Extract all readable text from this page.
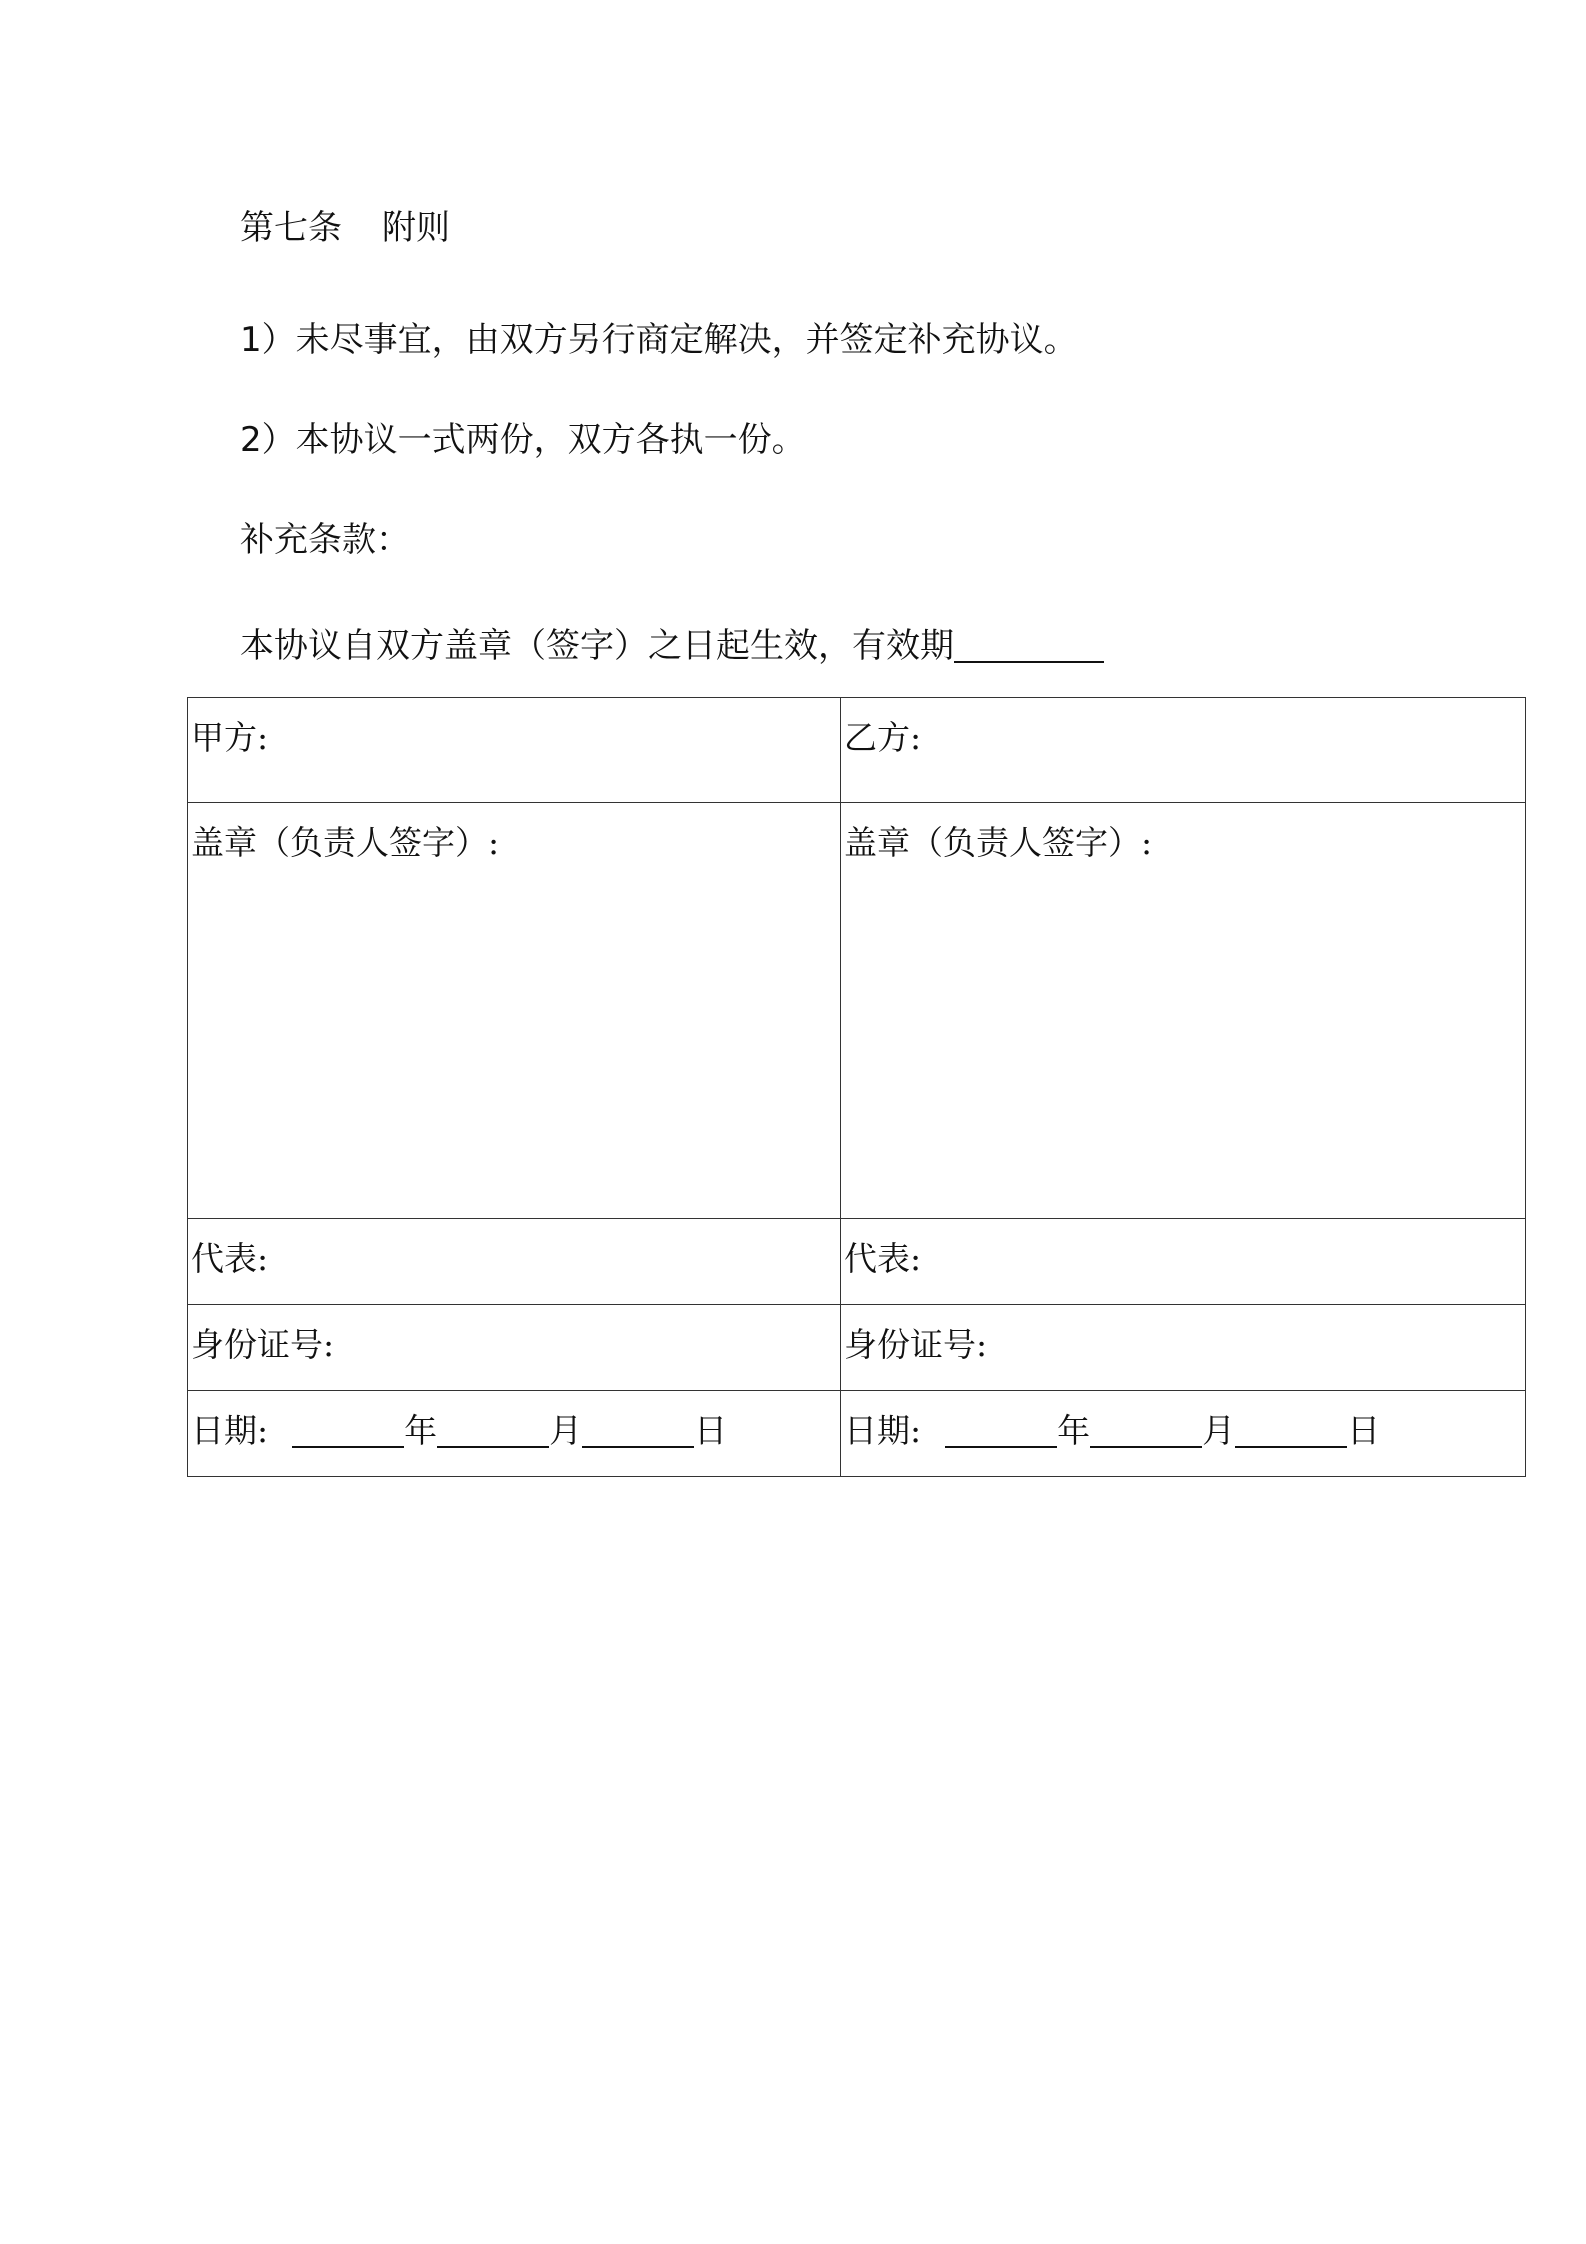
第七条 附则
1）未尽事宜，由双方另行商定解决，并签定补充协议。
2）本协议一式两份，双方各执一份。
补充条款：
本协议自双方盖章（签字）之日起生效，有效期
甲方:	乙方:
盖章（负责人签字）:	盖章（负责人签字）:
代表:	代表:
身份证号:	身份证号:
日期: 年 月 日	日期: 年 月 日
